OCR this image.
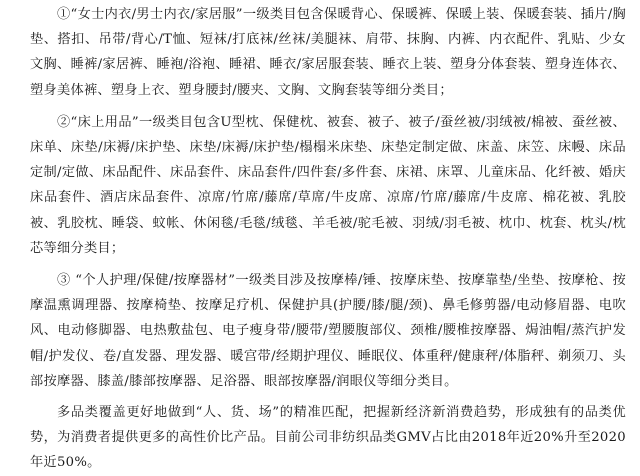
①“女士内衣/男士内衣/家居服”一级类目包含保暖背心、保暖裤、保暖上装、保暖套装、插片/胸垫、搭扣、吊带/背心/T恤、短袜/打底袜/丝袜/美腿袜、肩带、抹胸、内裤、内衣配件、乳贴、少女文胸、睡裤/家居裤、睡袍/浴袍、睡裙、睡衣/家居服套装、睡衣上装、塑身分体套装、塑身连体衣、塑身美体裤、塑身上衣、塑身腰封/腰夹、文胸、文胸套装等细分类目；

②“床上用品”一级类目包含U型枕、保健枕、被套、被子、被子/蚕丝被/羽绒被/棉被、蚕丝被、床单、床垫/床褥/床护垫、床垫/床褥/床护垫/榻榻米床垫、床垫定制定做、床盖、床笠、床幔、床品定制/定做、床品配件、床品套件、床品套件/四件套/多件套、床裙、床罩、儿童床品、化纤被、婚庆床品套件、酒店床品套件、凉席/竹席/藤席/草席/牛皮席、凉席/竹席/藤席/牛皮席、棉花被、乳胶被、乳胶枕、睡袋、蚊帐、休闲毯/毛毯/绒毯、羊毛被/驼毛被、羽绒/羽毛被、枕巾、枕套、枕头/枕芯等细分类目；

③ “个人护理/保健/按摩器材”一级类目涉及按摩棒/锤、按摩床垫、按摩靠垫/坐垫、按摩枪、按摩温熏调理器、按摩椅垫、按摩足疗机、保健护具(护腰/膝/腿/颈)、鼻毛修剪器/电动修眉器、电吹风、电动修脚器、电热敷盐包、电子瘦身带/腰带/塑腰腹部仪、颈椎/腰椎按摩器、焗油帽/蒸汽护发帽/护发仪、卷/直发器、理发器、暖宫带/经期护理仪、睡眠仪、体重秤/健康秤/体脂秤、剃须刀、头部按摩器、膝盖/膝部按摩器、足浴器、眼部按摩器/润眼仪等细分类目。

多品类覆盖更好地做到“人、货、场”的精准匹配，把握新经济新消费趋势，形成独有的品类优势，为消费者提供更多的高性价比产品。目前公司非纺织品类GMV占比由2018年近20%升至2020年近50%。
